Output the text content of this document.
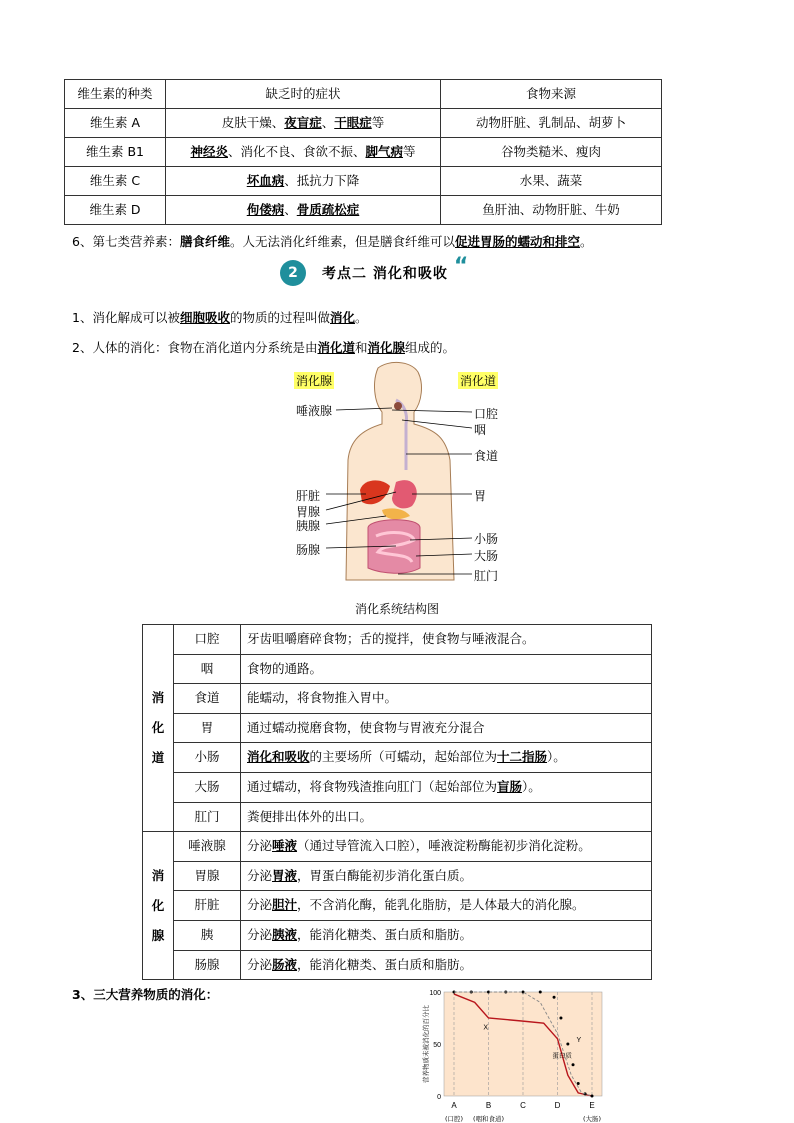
维生素的种类	缺乏时的症状	食物来源
维生素 A	皮肤干燥、夜盲症、干眼症等	动物肝脏、乳制品、胡萝卜
维生素 B1	神经炎、消化不良、食欲不振、脚气病等	谷物类糙米、瘦肉
维生素 C	坏血病、抵抗力下降	水果、蔬菜
维生素 D	佝偻病、骨质疏松症	鱼肝油、动物肝脏、牛奶
6、第七类营养素：膳食纤维。人无法消化纤维素，但是膳食纤维可以促进胃肠的蠕动和排空。
2	考点二 消化和吸收 “
1、消化解成可以被细胞吸收的物质的过程叫做消化。
2、人体的消化：食物在消化道内分系统是由消化道和消化腺组成的。
消化腺	消化道
唾液腺
肝脏
胃腺
胰腺
肠腺
口腔
咽
食道
胃
小肠
大肠
肛门
消化系统结构图
消
化
道	口腔	牙齿咀嚼磨碎食物；舌的搅拌，使食物与唾液混合。
	咽	食物的通路。
	食道	能蠕动，将食物推入胃中。
	胃	通过蠕动搅磨食物，使食物与胃液充分混合
	小肠	消化和吸收的主要场所（可蠕动，起始部位为十二指肠）。
	大肠	通过蠕动，将食物残渣推向肛门（起始部位为盲肠）。
	肛门	粪便排出体外的出口。

消
化
腺	唾液腺	分泌唾液（通过导管流入口腔），唾液淀粉酶能初步消化淀粉。
	胃腺	分泌胃液，胃蛋白酶能初步消化蛋白质。
	肝脏	分泌胆汁，不含消化酶，能乳化脂肪，是人体最大的消化腺。
	胰	分泌胰液，能消化糖类、蛋白质和脂肪。
	肠腺	分泌肠液，能消化糖类、蛋白质和脂肪。
3、三大营养物质的消化：
A
(口腔)
B
(咽和食道)
C	D	E
(大肠)
0
50
100
营养物质未被消化的百分比	X
Y
蛋白质
